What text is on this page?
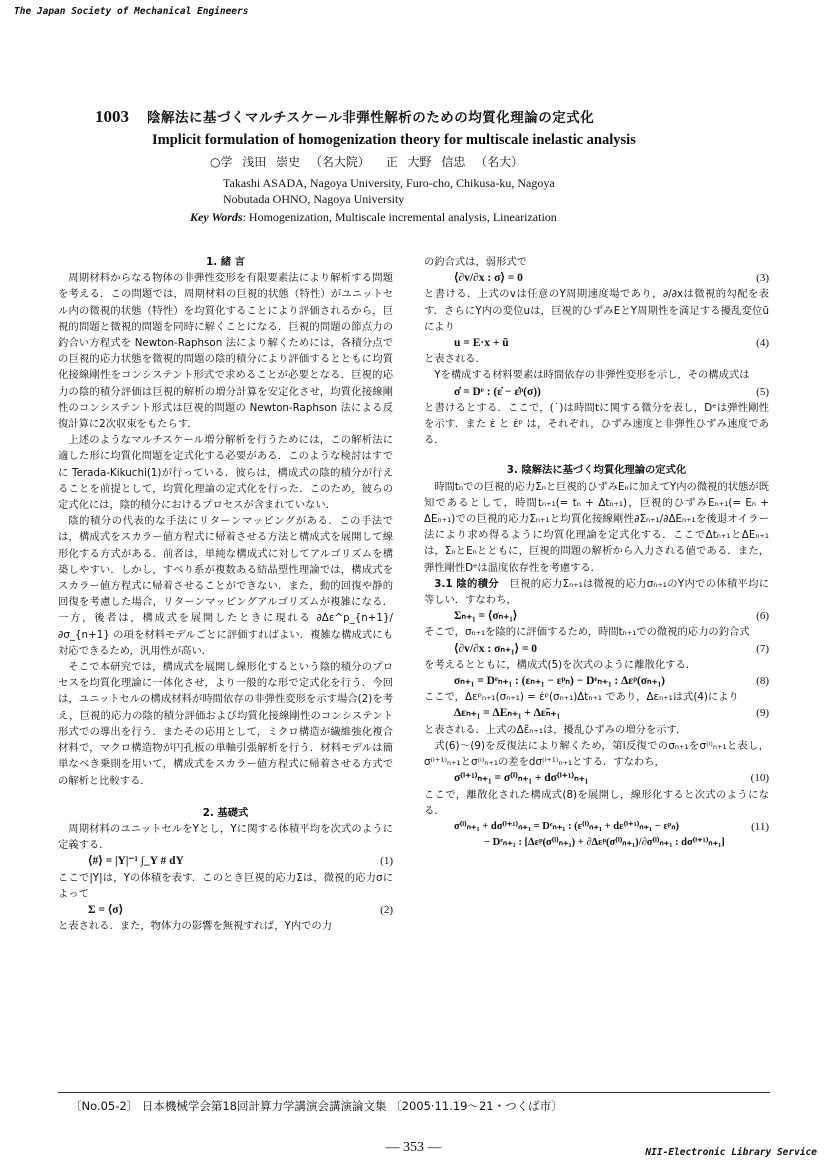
The Japan Society of Mechanical Engineers
1003 陰解法に基づくマルチスケール非弾性解析のための均質化理論の定式化
Implicit formulation of homogenization theory for multiscale inelastic analysis
○学 浅田 崇史 （名大院）　 正 大野 信忠 （名大）
Takashi ASADA, Nagoya University, Furo-cho, Chikusa-ku, Nagoya
Nobutada OHNO, Nagoya University
Key Words: Homogenization, Multiscale incremental analysis, Linearization
1. 緒 言

周期材料からなる物体の非弾性変形を有限要素法により解析する問題を考える．この問題では，周期材料の巨視的状態（特性）がユニットセル内の微視的状態（特性）を均質化することにより評価されるから，巨視的問題と微視的問題を同時に解くことになる．巨視的問題の節点力の釣合い方程式を Newton-Raphson 法により解くためには，各積分点での巨視的応力状態を微視的問題の陰的積分により評価するとともに均質化接線剛性をコンシステント形式で求めることが必要となる．巨視的応力の陰的積分評価は巨視的解析の増分計算を安定化させ，均質化接線剛性のコンシステント形式は巨視的問題の Newton-Raphson 法による反復計算に2次収束をもたらす．

上述のようなマルチスケール増分解析を行うためには，この解析法に適した形に均質化問題を定式化する必要がある．このような検討はすでに Terada-Kikuchi(1)が行っている．彼らは，構成式の陰的積分が行えることを前提として，均質化理論の定式化を行った．このため，彼らの定式化には，陰的積分におけるプロセスが含まれていない．

陰的積分の代表的な手法にリターンマッピングがある．この手法では，構成式をスカラー値方程式に帰着させる方法と構成式を展開して線形化する方式がある．前者は，単純な構成式に対してアルゴリズムを構築しやすい．しかし，すべり系が複数ある結晶塑性理論では，構成式をスカラー値方程式に帰着させることができない．また，動的回復や静的回復を考慮した場合，リターンマッピングアルゴリズムが複雑になる．一方，後者は，構成式を展開したときに現れる ∂Δε^p_{n+1}/∂σ_{n+1} の項を材料モデルごとに評価すればよい．複雑な構成式にも対応できるため，汎用性が高い．

そこで本研究では，構成式を展開し線形化するという陰的積分のプロセスを均質化理論に一体化させ，より一般的な形で定式化を行う．今回は，ユニットセルの構成材料が時間依存の非弾性変形を示す場合(2)を考え，巨視的応力の陰的積分評価および均質化接線剛性のコンシステント形式での導出を行う．またその応用として，ミクロ構造が繊維強化複合材料で，マクロ構造物が円孔板の単軸引張解析を行う．材料モデルは簡単なべき乗則を用いて，構成式をスカラー値方程式に帰着させる方式での解析と比較する．

2. 基礎式

周期材料のユニットセルをYとし，Yに関する体積平均を次式のように定義する．

⟨#⟩ = |Y|⁻¹ ∫_Y # dY	(1)

ここで|Y|は，Yの体積を表す．このとき巨視的応力Σは，微視的応力σによって

Σ = ⟨σ⟩	(2)

と表される．また，物体力の影響を無視すれば，Y内での力

の釣合式は，弱形式で

⟨∂v/∂x : σ⟩ = 0	(3)

と書ける．上式のvは任意のY周期速度場であり，∂/∂xは微視的勾配を表す．さらにY内の変位uは，巨視的ひずみEとY周期性を満足する擾乱変位ũにより

u = E·x + ũ	(4)

と表される．

Yを構成する材料要素は時間依存の非弾性変形を示し，その構成式は

σ̇ = Dᵉ : (ε̇ − ε̇ᵖ(σ))	(5)

と書けるとする．ここで，(˙)は時間tに関する微分を表し，Dᵉは弾性剛性を示す．また ε̇ と ε̇ᵖ は，それぞれ，ひずみ速度と非弾性ひずみ速度である．

3. 陰解法に基づく均質化理論の定式化

時間tₙでの巨視的応力Σₙと巨視的ひずみEₙに加えてY内の微視的状態が既知であるとして，時間tₙ₊₁(= tₙ + Δtₙ₊₁)，巨視的ひずみEₙ₊₁(= Eₙ + ΔEₙ₊₁)での巨視的応力Σₙ₊₁と均質化接線剛性∂Σₙ₊₁/∂ΔEₙ₊₁を後退オイラー法により求め得るように均質化理論を定式化する．ここでΔtₙ₊₁とΔEₙ₊₁は，ΣₙとEₙとともに，巨視的問題の解析から入力される値である．また，弾性剛性Dᵉは温度依存性を考慮する．

3.1 陰的積分　 巨視的応力Σₙ₊₁は微視的応力σₙ₊₁のY内での体積平均に等しい．すなわち，

Σₙ₊₁ = ⟨σₙ₊₁⟩	(6)

そこで，σₙ₊₁を陰的に評価するため，時間tₙ₊₁での微視的応力の釣合式

⟨∂v/∂x : σₙ₊₁⟩ = 0	(7)

を考えるとともに，構成式(5)を次式のように離散化する．

σₙ₊₁ = Dᵉₙ₊₁ : (εₙ₊₁ − εᵖₙ) − Dᵉₙ₊₁ : Δεᵖ(σₙ₊₁)	(8)

ここで，Δεᵖₙ₊₁(σₙ₊₁) = ε̇ᵖ(σₙ₊₁)Δtₙ₊₁ であり，Δεₙ₊₁は式(4)により

Δεₙ₊₁ = ΔEₙ₊₁ + Δε̃ₙ₊₁	(9)

と表される．上式のΔε̃ₙ₊₁は，擾乱ひずみの増分を示す．

式(6)〜(9)を反復法により解くため，第i反復でのσₙ₊₁をσ⁽ⁱ⁾ₙ₊₁と表し，σ⁽ⁱ⁺¹⁾ₙ₊₁とσ⁽ⁱ⁾ₙ₊₁の差をdσ⁽ⁱ⁺¹⁾ₙ₊₁とする．すなわち，

σ⁽ⁱ⁺¹⁾ₙ₊₁ = σ⁽ⁱ⁾ₙ₊₁ + dσ⁽ⁱ⁺¹⁾ₙ₊₁	(10)

ここで，離散化された構成式(8)を展開し，線形化すると次式のようになる．

σ⁽ⁱ⁾ₙ₊₁ + dσ⁽ⁱ⁺¹⁾ₙ₊₁ = Dᵉₙ₊₁ : (ε⁽ⁱ⁾ₙ₊₁ + dε⁽ⁱ⁺¹⁾ₙ₊₁ − εᵖₙ)	(11)
− Dᵉₙ₊₁ : [Δεᵖ(σ⁽ⁱ⁾ₙ₊₁) + ∂Δεᵖ(σ⁽ⁱ⁾ₙ₊₁)/∂σ⁽ⁱ⁾ₙ₊₁ : dσ⁽ⁱ⁺¹⁾ₙ₊₁]
〔No.05-2〕 日本機械学会第18回計算力学講演会講演論文集 〔2005·11.19〜21・つくば市〕
— 353 —	NII-Electronic Library Service
